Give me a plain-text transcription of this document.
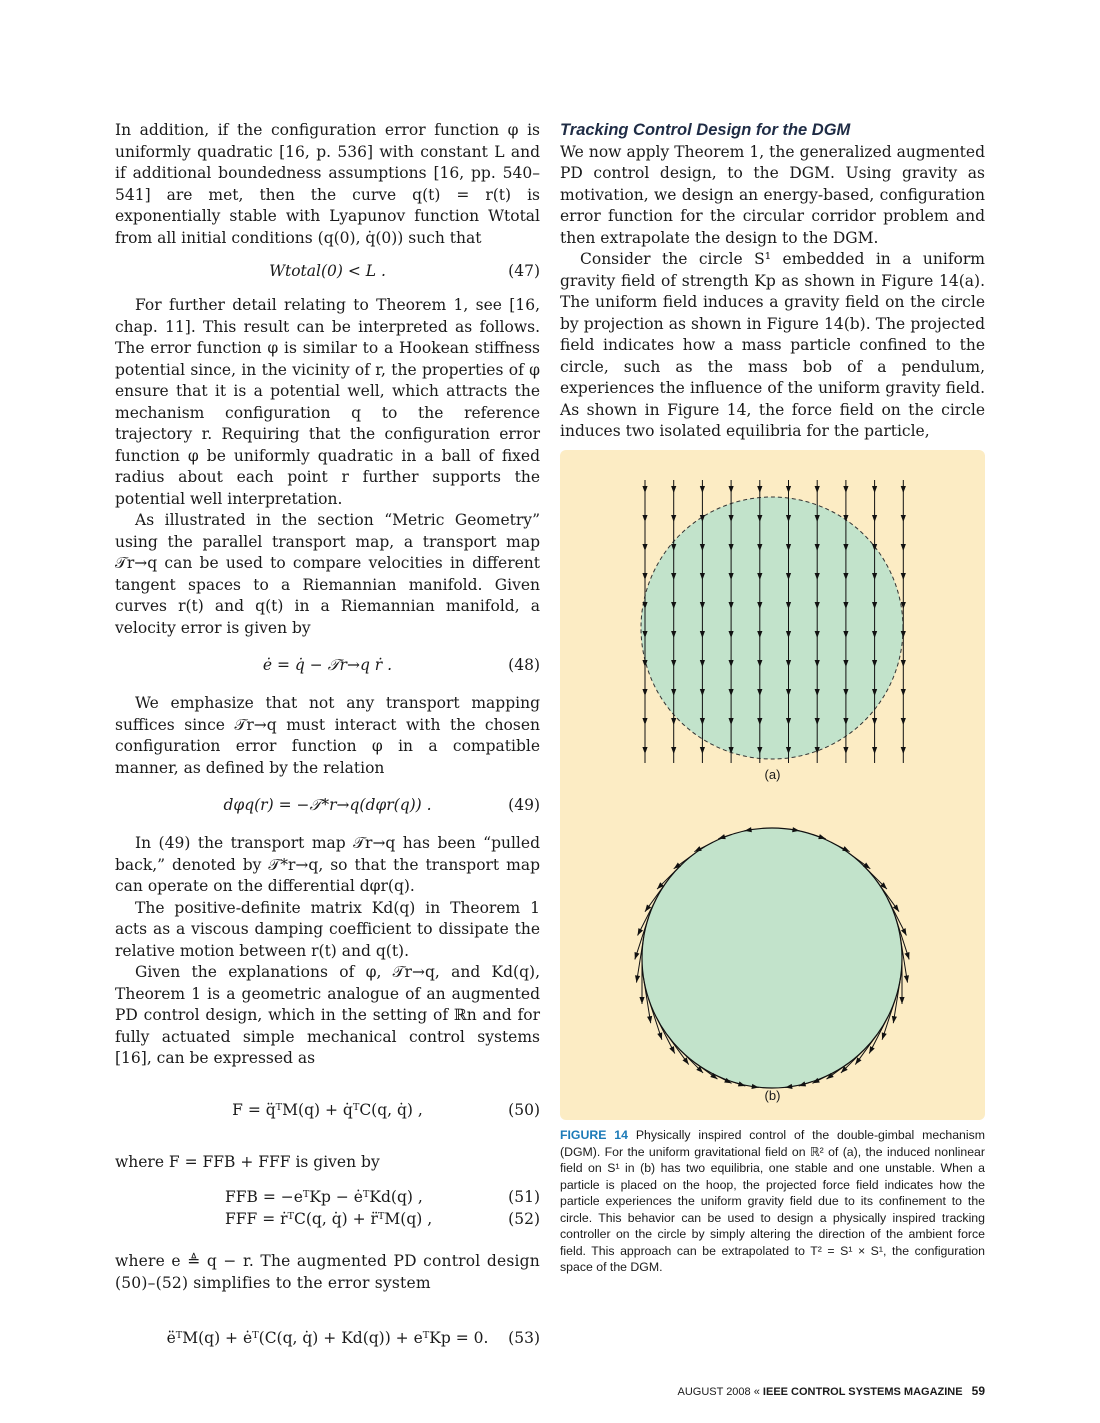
In addition, if the configuration error function φ is uniformly quadratic [16, p. 536] with constant L and if additional boundedness assumptions [16, pp. 540–541] are met, then the curve q(t) = r(t) is exponentially stable with Lyapunov function Wtotal from all initial conditions (q(0), q̇(0)) such that

Wtotal(0) < L .	(47)

For further detail relating to Theorem 1, see [16, chap. 11]. This result can be interpreted as follows. The error function φ is similar to a Hookean stiffness potential since, in the vicinity of r, the properties of φ ensure that it is a potential well, which attracts the mechanism configuration q to the reference trajectory r. Requiring that the configuration error function φ be uniformly quadratic in a ball of fixed radius about each point r further supports the potential well interpretation.

As illustrated in the section “Metric Geometry” using the parallel transport map, a transport map 𝒯r→q can be used to compare velocities in different tangent spaces to a Riemannian manifold. Given curves r(t) and q(t) in a Riemannian manifold, a velocity error is given by

ė = q̇ − 𝒯r→q ṙ .	(48)

We emphasize that not any transport mapping suffices since 𝒯r→q must interact with the chosen configuration error function φ in a compatible manner, as defined by the relation

dφq(r) = −𝒯*r→q(dφr(q)) .	(49)

In (49) the transport map 𝒯r→q has been “pulled back,” denoted by 𝒯*r→q, so that the transport map can operate on the differential dφr(q).

The positive-definite matrix Kd(q) in Theorem 1 acts as a viscous damping coefficient to dissipate the relative motion between r(t) and q(t).

Given the explanations of φ, 𝒯r→q, and Kd(q), Theorem 1 is a geometric analogue of an augmented PD control design, which in the setting of ℝn and for fully actuated simple mechanical control systems [16], can be expressed as

F = q̈ᵀM(q) + q̇ᵀC(q, q̇) ,	(50)

where F = FFB + FFF is given by

FFB = −eᵀKp − ėᵀKd(q) ,	(51)
FFF = ṙᵀC(q, q̇) + r̈ᵀM(q) ,	(52)

where e ≜ q − r. The augmented PD control design (50)–(52) simplifies to the error system

ëᵀM(q) + ėᵀ(C(q, q̇) + Kd(q)) + eᵀKp = 0.	(53)
Tracking Control Design for the DGM

We now apply Theorem 1, the generalized augmented PD control design, to the DGM. Using gravity as motivation, we design an energy-based, configuration error function for the circular corridor problem and then extrapolate the design to the DGM.

Consider the circle S¹ embedded in a uniform gravity field of strength Kp as shown in Figure 14(a). The uniform field induces a gravity field on the circle by projection as shown in Figure 14(b). The projected field indicates how a mass particle confined to the circle, such as the mass bob of a pendulum, experiences the influence of the uniform gravity field. As shown in Figure 14, the force field on the circle induces two isolated equilibria for the particle,

(a)
(b)
FIGURE 14 Physically inspired control of the double-gimbal mechanism (DGM). For the uniform gravitational field on ℝ² of (a), the induced nonlinear field on S¹ in (b) has two equilibria, one stable and one unstable. When a particle is placed on the hoop, the projected force field indicates how the particle experiences the uniform gravity field due to its confinement to the circle. This behavior can be used to design a physically inspired tracking controller on the circle by simply altering the direction of the ambient force field. This approach can be extrapolated to T² = S¹ × S¹, the configuration space of the DGM.
AUGUST 2008 « IEEE CONTROL SYSTEMS MAGAZINE 59
